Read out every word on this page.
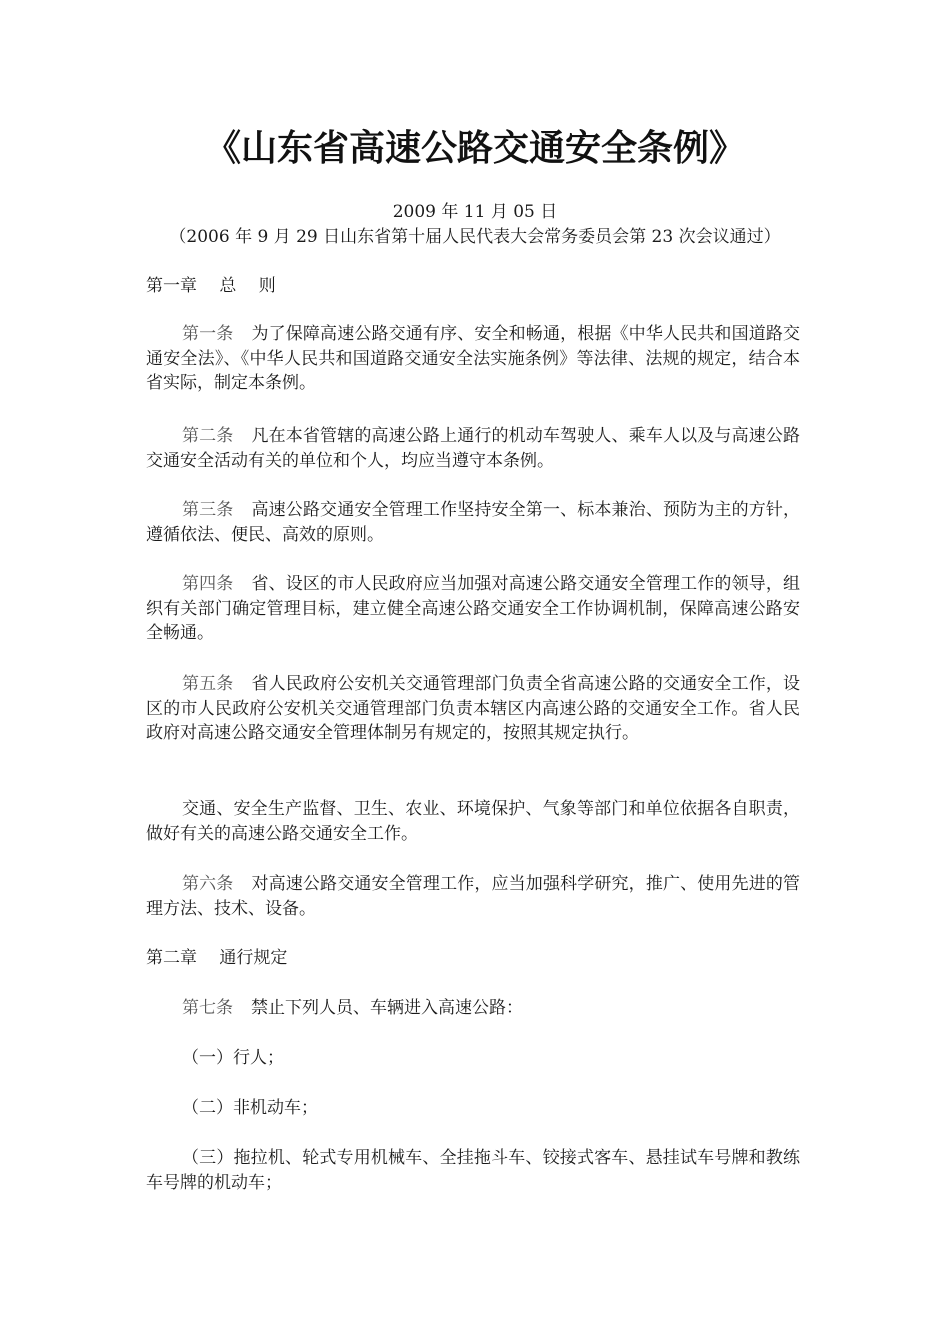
《山东省高速公路交通安全条例》
2009 年 11 月 05 日
（2006 年 9 月 29 日山东省第十届人民代表大会常务委员会第 23 次会议通过）
第一章　 总　 则
第一条 为了保障高速公路交通有序、安全和畅通，根据《中华人民共和国道路交通安全法》、《中华人民共和国道路交通安全法实施条例》等法律、法规的规定，结合本省实际，制定本条例。
第二条 凡在本省管辖的高速公路上通行的机动车驾驶人、乘车人以及与高速公路交通安全活动有关的单位和个人，均应当遵守本条例。
第三条 高速公路交通安全管理工作坚持安全第一、标本兼治、预防为主的方针，遵循依法、便民、高效的原则。
第四条 省、设区的市人民政府应当加强对高速公路交通安全管理工作的领导，组织有关部门确定管理目标，建立健全高速公路交通安全工作协调机制，保障高速公路安全畅通。
第五条 省人民政府公安机关交通管理部门负责全省高速公路的交通安全工作，设区的市人民政府公安机关交通管理部门负责本辖区内高速公路的交通安全工作。省人民政府对高速公路交通安全管理体制另有规定的，按照其规定执行。
交通、安全生产监督、卫生、农业、环境保护、气象等部门和单位依据各自职责，做好有关的高速公路交通安全工作。
第六条 对高速公路交通安全管理工作，应当加强科学研究，推广、使用先进的管理方法、技术、设备。
第二章　 通行规定
第七条 禁止下列人员、车辆进入高速公路：
（一）行人；
（二）非机动车；
（三）拖拉机、轮式专用机械车、全挂拖斗车、铰接式客车、悬挂试车号牌和教练车号牌的机动车；
